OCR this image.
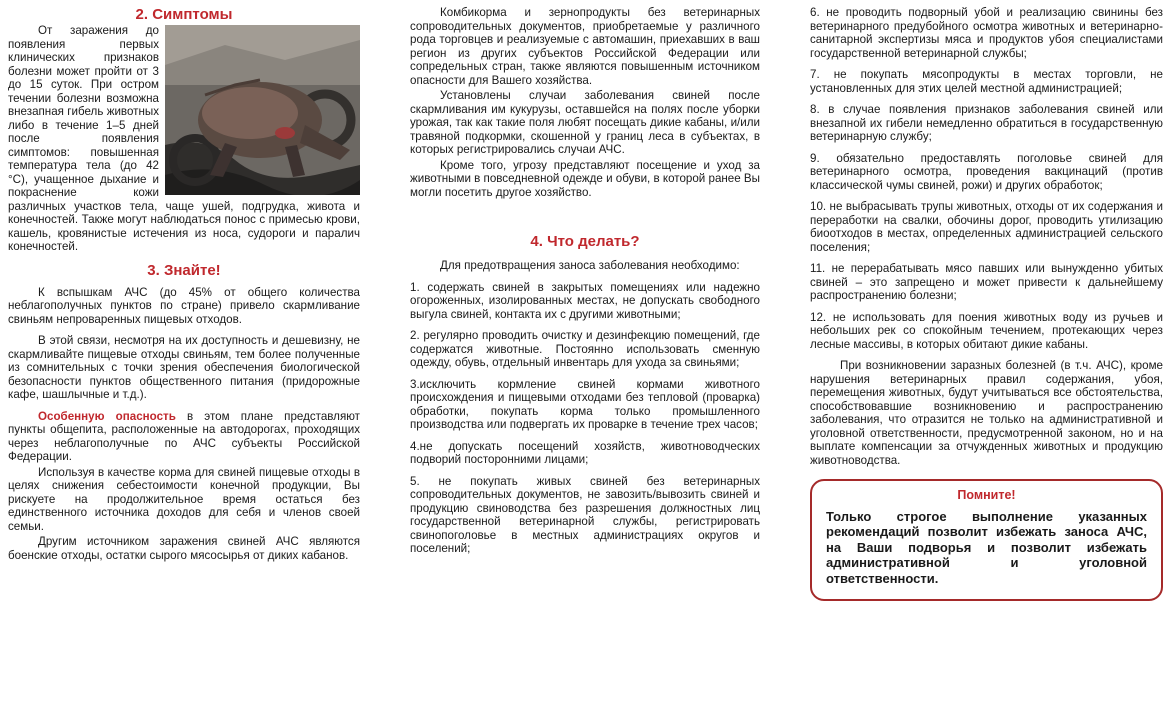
2. Симптомы

От заражения до появления первых клинических признаков болезни может пройти от 3 до 15 суток. При остром течении болезни возможна внезапная гибель животных либо в течение 1–5 дней после появления симптомов: повышенная температура тела (до 42 °С), учащенное дыхание и покраснение кожи различных участков тела, чаще ушей, подгрудка, живота и конечностей. Также могут наблюдаться понос с примесью крови, кашель, кровянистые истечения из носа, судороги и паралич конечностей.

3. Знайте!

К вспышкам АЧС (до 45% от общего количества неблагополучных пунктов по стране) привело скармливание свиньям непроваренных пищевых отходов.

В этой связи, несмотря на их доступность и дешевизну, не скармливайте пищевые отходы свиньям, тем более полученные из сомнительных с точки зрения обеспечения биологической безопасности пунктов общественного питания (придорожные кафе, шашлычные и т.д.).

Особенную опасность в этом плане представляют пункты общепита, расположенные на автодорогах, проходящих через неблагополучные по АЧС субъекты Российской Федерации.

Используя в качестве корма для свиней пищевые отходы в целях снижения себестоимости конечной продукции, Вы рискуете на продолжительное время остаться без единственного источника доходов для себя и членов своей семьи.

Другим источником заражения свиней АЧС являются боенские отходы, остатки сырого мясосырья от диких кабанов.

Комбикорма и зернопродукты без ветеринарных сопроводительных документов, приобретаемые у различного рода торговцев и реализуемые с автомашин, приехавших в ваш регион из других субъектов Российской Федерации или сопредельных стран, также являются повышенным источником опасности для Вашего хозяйства.

Установлены случаи заболевания свиней после скармливания им кукурузы, оставшейся на полях после уборки урожая, так как такие поля любят посещать дикие кабаны, и/или травяной подкормки, скошенной у границ леса в субъектах, в которых регистрировались случаи АЧС.

Кроме того, угрозу представляют посещение и уход за животными в повседневной одежде и обуви, в которой ранее Вы могли посетить другое хозяйство.

4. Что делать?

Для предотвращения заноса заболевания необходимо:

1. содержать свиней в закрытых помещениях или надежно огороженных, изолированных местах, не допускать свободного выгула свиней, контакта их с другими животными;

2. регулярно проводить очистку и дезинфекцию помещений, где содержатся животные. Постоянно использовать сменную одежду, обувь, отдельный инвентарь для ухода за свиньями;

3.исключить кормление свиней кормами животного происхождения и пищевыми отходами без тепловой (проварка) обработки, покупать корма только промышленного производства или подвергать их проварке в течение трех часов;

4.не допускать посещений хозяйств, животноводческих подворий посторонними лицами;

5. не покупать живых свиней без ветеринарных сопроводительных документов, не завозить/вывозить свиней и продукцию свиноводства без разрешения должностных лиц государственной ветеринарной службы, регистрировать свинопоголовье в местных администрациях округов и поселений;

6. не проводить подворный убой и реализацию свинины без ветеринарного предубойного осмотра животных и ветеринарно-санитарной экспертизы мяса и продуктов убоя специалистами государственной ветеринарной службы;

7. не покупать мясопродукты в местах торговли, не установленных для этих целей местной администрацией;

8. в случае появления признаков заболевания свиней или внезапной их гибели немедленно обратиться в государственную ветеринарную службу;

9. обязательно предоставлять поголовье свиней для ветеринарного осмотра, проведения вакцинаций (против классической чумы свиней, рожи) и других обработок;

10. не выбрасывать трупы животных, отходы от их содержания и переработки на свалки, обочины дорог, проводить утилизацию биоотходов в местах, определенных администрацией сельского поселения;

11. не перерабатывать мясо павших или вынужденно убитых свиней – это запрещено и может привести к дальнейшему распространению болезни;

12. не использовать для поения животных воду из ручьев и небольших рек со спокойным течением, протекающих через лесные массивы, в которых обитают дикие кабаны.

При возникновении заразных болезней (в т.ч. АЧС), кроме нарушения ветеринарных правил содержания, убоя, перемещения животных, будут учитываться все обстоятельства, способствовавшие возникновению и распространению заболевания, что отразится не только на административной и уголовной ответственности, предусмотренной законом, но и на выплате компенсации за отчужденных животных и продукцию животноводства.

Помните!
Только строгое выполнение указанных рекомендаций позволит избежать заноса АЧС, на Ваши подворья и позволит избежать административной и уголовной ответственности.
